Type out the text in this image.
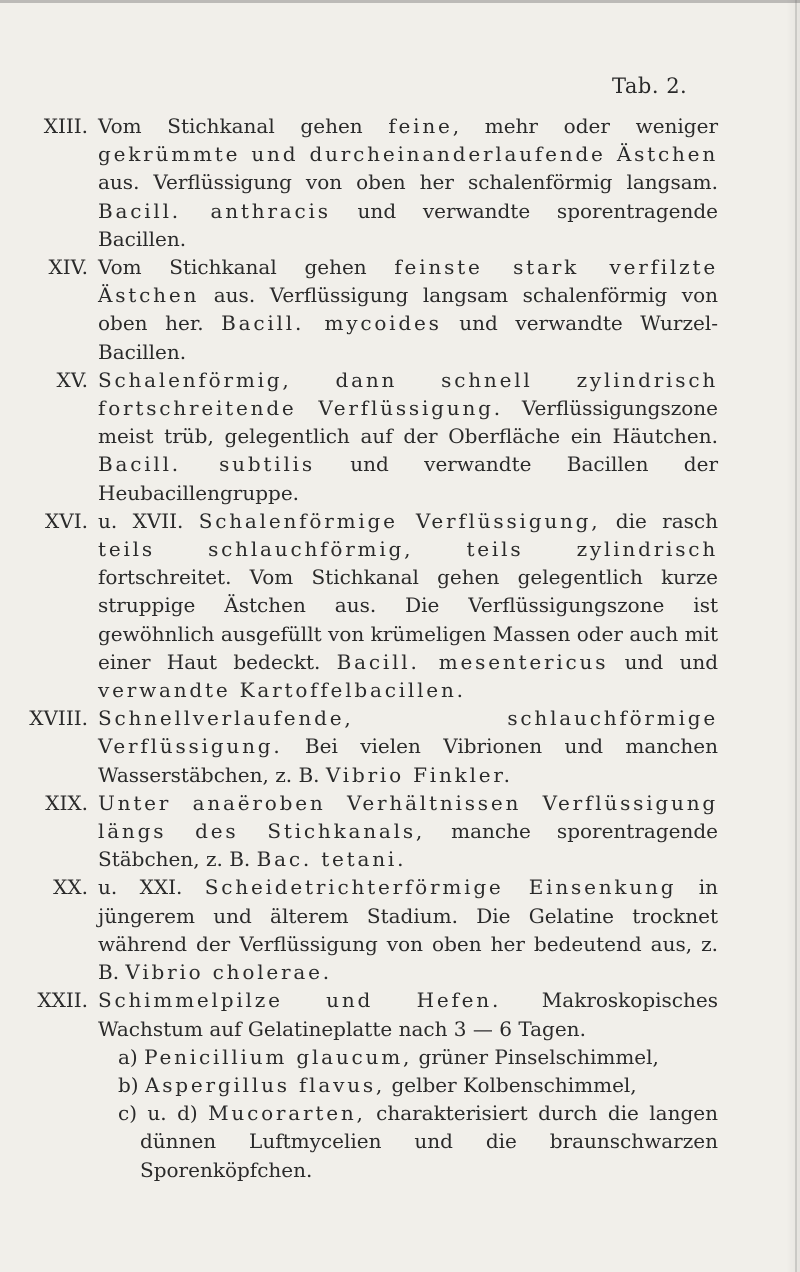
Tab. 2.
XIII. Vom Stichkanal gehen feine, mehr oder weniger gekrümmte und durcheinanderlaufende Ästchen aus. Verflüssigung von oben her schalenförmig langsam. Bacill. anthracis und verwandte sporentragende Bacillen.
XIV. Vom Stichkanal gehen feinste stark verfilzte Ästchen aus. Verflüssigung langsam schalenförmig von oben her. Bacill. mycoides und verwandte Wurzel-Bacillen.
XV. Schalenförmig, dann schnell zylindrisch fortschreitende Verflüssigung. Verflüssigungszone meist trüb, gelegentlich auf der Oberfläche ein Häutchen. Bacill. subtilis und verwandte Bacillen der Heubacillengruppe.
XVI. u. XVII. Schalenförmige Verflüssigung, die rasch teils schlauchförmig, teils zylindrisch fortschreitet. Vom Stichkanal gehen gelegentlich kurze struppige Ästchen aus. Die Verflüssigungszone ist gewöhnlich ausgefüllt von krümeligen Massen oder auch mit einer Haut bedeckt. Bacill. mesentericus und und verwandte Kartoffelbacillen.
XVIII. Schnellverlaufende, schlauchförmige Verflüssigung. Bei vielen Vibrionen und manchen Wasserstäbchen, z. B. Vibrio Finkler.
XIX. Unter anaëroben Verhältnissen Verflüssigung längs des Stichkanals, manche sporentragende Stäbchen, z. B. Bac. tetani.
XX. u. XXI. Scheidetrichterförmige Einsenkung in jüngerem und älterem Stadium. Die Gelatine trocknet während der Verflüssigung von oben her bedeutend aus, z. B. Vibrio cholerae.
XXII. Schimmelpilze und Hefen. Makroskopisches Wachstum auf Gelatineplatte nach 3 — 6 Tagen.
a) Penicillium glaucum, grüner Pinselschimmel,
b) Aspergillus flavus, gelber Kolbenschimmel,
c) u. d) Mucorarten, charakterisiert durch die langen dünnen Luftmycelien und die braunschwarzen Sporenköpfchen.
